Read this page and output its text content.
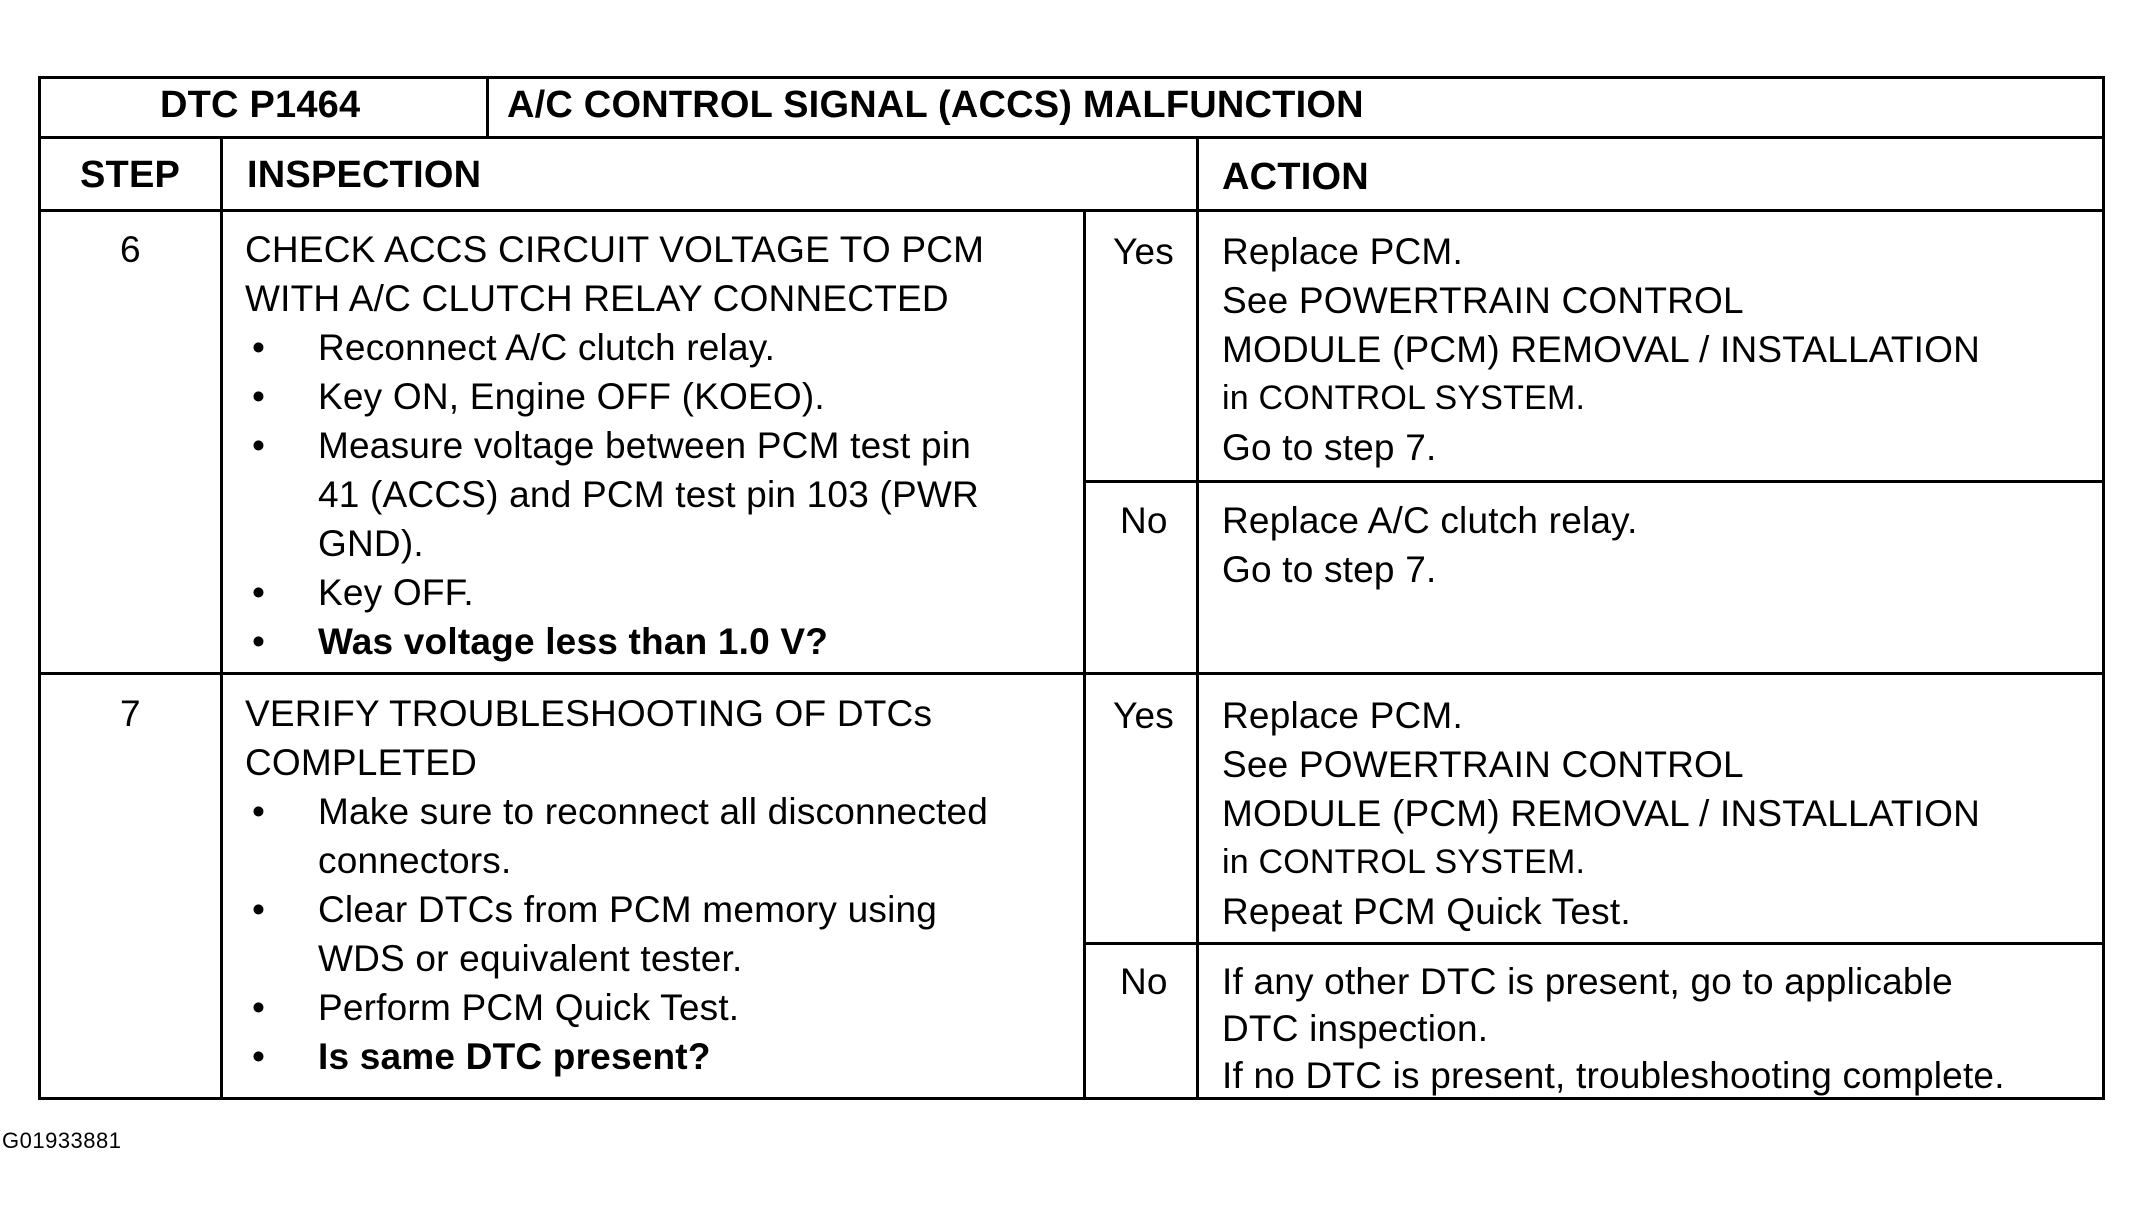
DTC P1464	A/C CONTROL SIGNAL (ACCS) MALFUNCTION
STEP INSPECTION	ACTION
6	CHECK ACCS CIRCUIT VOLTAGE TO PCM
WITH A/C CLUTCH RELAY CONNECTED
• Reconnect A/C clutch relay.
• Key ON, Engine OFF (KOEO).
• Measure voltage between PCM test pin
41 (ACCS) and PCM test pin 103 (PWR
GND).
• Key OFF.
• Was voltage less than 1.0 V?
Yes Replace PCM.
See POWERTRAIN CONTROL
MODULE (PCM) REMOVAL / INSTALLATION
in CONTROL SYSTEM.
Go to step 7.
No Replace A/C clutch relay.
Go to step 7.
7	VERIFY TROUBLESHOOTING OF DTCs
COMPLETED
• Make sure to reconnect all disconnected
connectors.
• Clear DTCs from PCM memory using
WDS or equivalent tester.
• Perform PCM Quick Test.
• Is same DTC present?
Yes Replace PCM.
See POWERTRAIN CONTROL
MODULE (PCM) REMOVAL / INSTALLATION
in CONTROL SYSTEM.
Repeat PCM Quick Test.
No If any other DTC is present, go to applicable
DTC inspection.
If no DTC is present, troubleshooting complete.
G01933881
